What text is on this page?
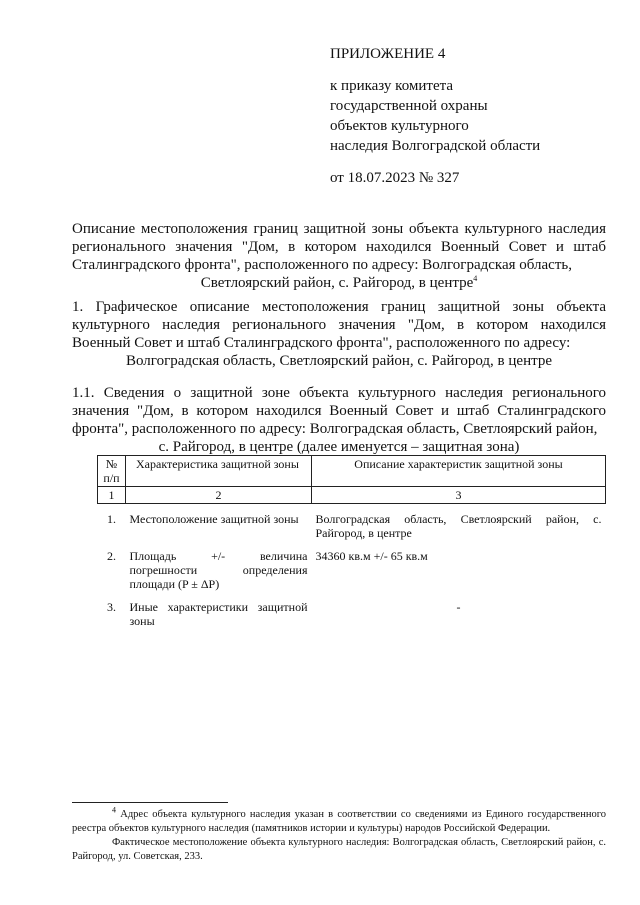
ПРИЛОЖЕНИЕ 4
к приказу комитета
государственной охраны
объектов культурного
наследия Волгоградской области
от 18.07.2023 № 327
Описание местоположения границ защитной зоны объекта культурного наследия регионального значения "Дом, в котором находился Военный Совет и штаб Сталинградского фронта", расположенного по адресу: Волгоградская область,
Светлоярский район, с. Райгород, в центре$^4$
1. Графическое описание местоположения границ защитной зоны объекта культурного наследия регионального значения "Дом, в котором находился Военный Совет и штаб Сталинградского фронта", расположенного по адресу:
Волгоградская область, Светлоярский район, с. Райгород, в центре
1.1. Сведения о защитной зоне объекта культурного наследия регионального значения "Дом, в котором находился Военный Совет и штаб Сталинградского фронта", расположенного по адресу: Волгоградская область, Светлоярский район,
с. Райгород, в центре (далее именуется – защитная зона)
№ п/п	Характеристика защитной зоны	Описание характеристик защитной зоны
1	2	3
1.	Местоположение защитной зоны	Волгоградская область, Светлоярский район, с. Райгород, в центре
2.	Площадь +/- величина погрешности определения площади (P ± ΔP)	34360 кв.м +/- 65 кв.м
3.	Иные характеристики защитной зоны	-

$^4$ Адрес объекта культурного наследия указан в соответствии со сведениями из Единого государственного реестра объектов культурного наследия (памятников истории и культуры) народов Российской Федерации.

Фактическое местоположение объекта культурного наследия: Волгоградская область, Светлоярский район, с. Райгород, ул. Советская, 233.
